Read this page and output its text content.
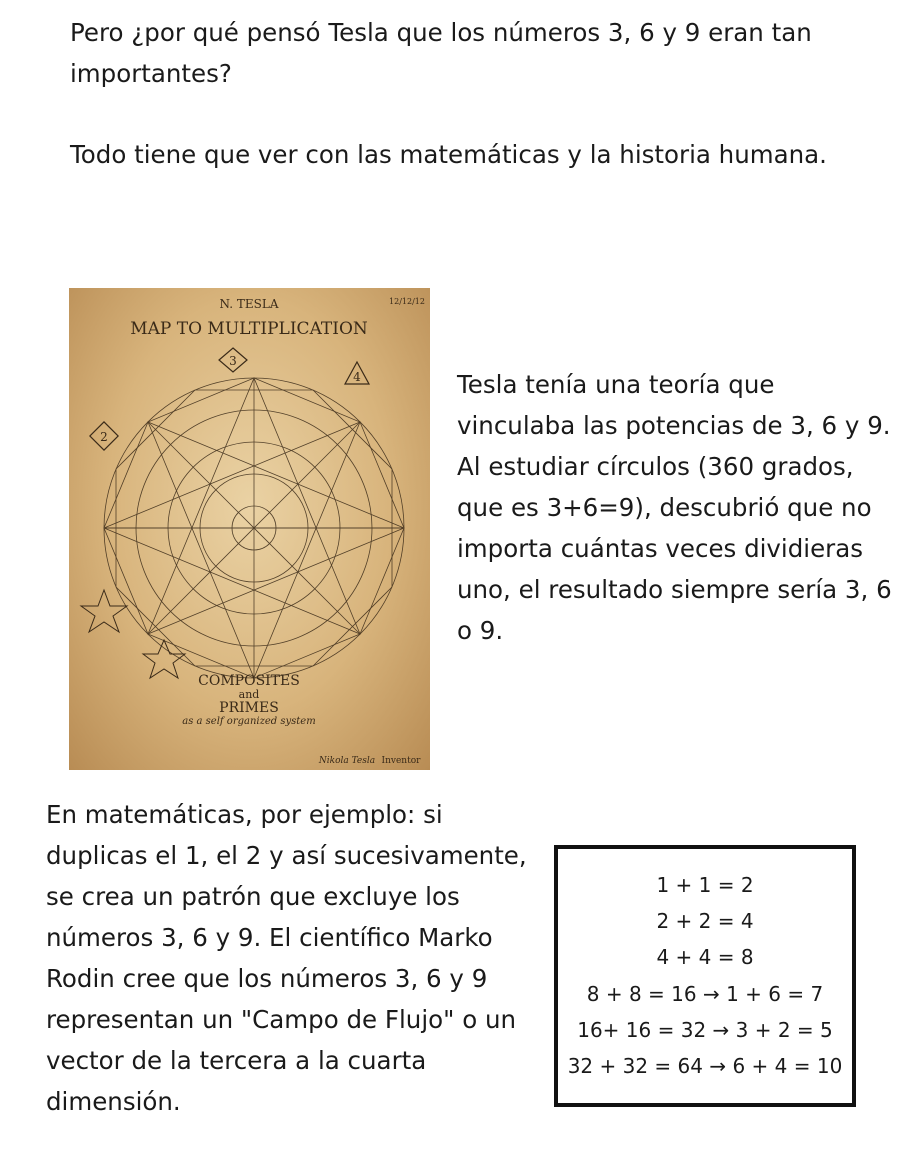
Pero ¿por qué pensó Tesla que los números 3, 6 y 9 eran tan importantes?

Todo tiene que ver con las matemáticas y la historia humana.

N. TESLA	12/12/12
MAP TO MULTIPLICATION
2
3
4
COMPOSITES
and
PRIMES
as a self organized system
Nikola Tesla Inventor

Tesla tenía una teoría que vinculaba las potencias de 3, 6 y 9. Al estudiar círculos (360 grados, que es 3+6=9), descubrió que no importa cuántas veces dividieras uno, el resultado siempre sería 3, 6 o 9.

En matemáticas, por ejemplo: si duplicas el 1, el 2 y así sucesivamente, se crea un patrón que excluye los números 3, 6 y 9. El científico Marko Rodin cree que los números 3, 6 y 9 representan un "Campo de Flujo" o un vector de la tercera a la cuarta dimensión.

1 + 1 = 2
2 + 2 = 4
4 + 4 = 8
8 + 8 = 16 → 1 + 6 = 7
16+ 16 = 32 → 3 + 2 = 5
32 + 32 = 64 → 6 + 4 = 10
